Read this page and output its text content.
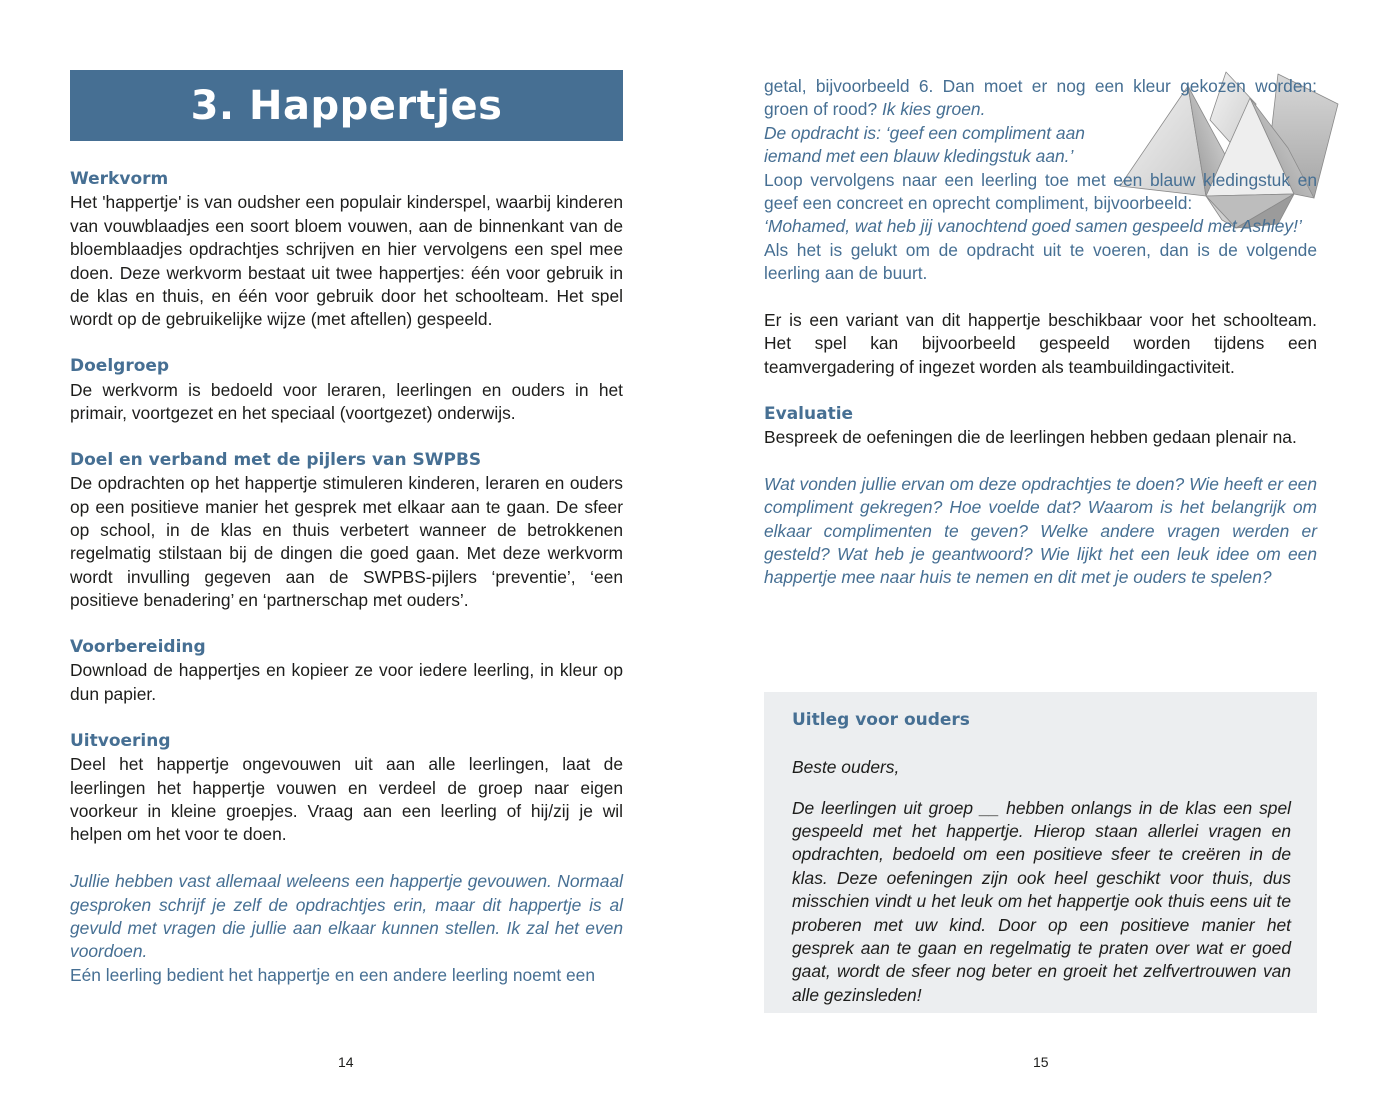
3. Happertjes
Werkvorm

Het 'happertje' is van oudsher een populair kinderspel, waarbij kinderen van vouwblaadjes een soort bloem vouwen, aan de binnenkant van de bloemblaadjes opdrachtjes schrijven en hier vervolgens een spel mee doen. Deze werkvorm bestaat uit twee happertjes: één voor gebruik in de klas en thuis, en één voor gebruik door het schoolteam. Het spel wordt op de gebruikelijke wijze (met aftellen) gespeeld.

Doelgroep

De werkvorm is bedoeld voor leraren, leerlingen en ouders in het primair, voortgezet en het speciaal (voortgezet) onderwijs.

Doel en verband met de pijlers van SWPBS

De opdrachten op het happertje stimuleren kinderen, leraren en ouders op een positieve manier het gesprek met elkaar aan te gaan. De sfeer op school, in de klas en thuis verbetert wanneer de betrokkenen regelmatig stilstaan bij de dingen die goed gaan. Met deze werkvorm wordt invulling gegeven aan de SWPBS-pijlers ‘preventie’, ‘een positieve benadering’ en ‘partnerschap met ouders’.

Voorbereiding

Download de happertjes en kopieer ze voor iedere leerling, in kleur op dun papier.

Uitvoering

Deel het happertje ongevouwen uit aan alle leerlingen, laat de leerlingen het happertje vouwen en verdeel de groep naar eigen voorkeur in kleine groepjes. Vraag aan een leerling of hij/zij je wil helpen om het voor te doen.

Jullie hebben vast allemaal weleens een happertje gevouwen. Normaal gesproken schrijf je zelf de opdrachtjes erin, maar dit happertje is al gevuld met vragen die jullie aan elkaar kunnen stellen. Ik zal het even voordoen.

Eén leerling bedient het happertje en een andere leerling noemt een

14

getal, bijvoorbeeld 6. Dan moet er nog een kleur gekozen worden: groen of rood? Ik kies groen.

De opdracht is: ‘geef een compliment aan iemand met een blauw kledingstuk aan.’

Loop vervolgens naar een leerling toe met een blauw kledingstuk en geef een concreet en oprecht compliment, bijvoorbeeld:

‘Mohamed, wat heb jij vanochtend goed samen gespeeld met Ashley!’

Als het is gelukt om de opdracht uit te voeren, dan is de volgende leerling aan de buurt.

Er is een variant van dit happertje beschikbaar voor het schoolteam. Het spel kan bijvoorbeeld gespeeld worden tijdens een teamvergadering of ingezet worden als teambuildingactiviteit.

Evaluatie

Bespreek de oefeningen die de leerlingen hebben gedaan plenair na.

Wat vonden jullie ervan om deze opdrachtjes te doen? Wie heeft er een compliment gekregen? Hoe voelde dat? Waarom is het belangrijk om elkaar complimenten te geven? Welke andere vragen werden er gesteld? Wat heb je geantwoord? Wie lijkt het een leuk idee om een happertje mee naar huis te nemen en dit met je ouders te spelen?

Uitleg voor ouders

Beste ouders,

De leerlingen uit groep __ hebben onlangs in de klas een spel gespeeld met het happertje. Hierop staan allerlei vragen en opdrachten, bedoeld om een positieve sfeer te creëren in de klas. Deze oefeningen zijn ook heel geschikt voor thuis, dus misschien vindt u het leuk om het happertje ook thuis eens uit te proberen met uw kind. Door op een positieve manier het gesprek aan te gaan en regelmatig te praten over wat er goed gaat, wordt de sfeer nog beter en groeit het zelfvertrouwen van alle gezinsleden!

15
